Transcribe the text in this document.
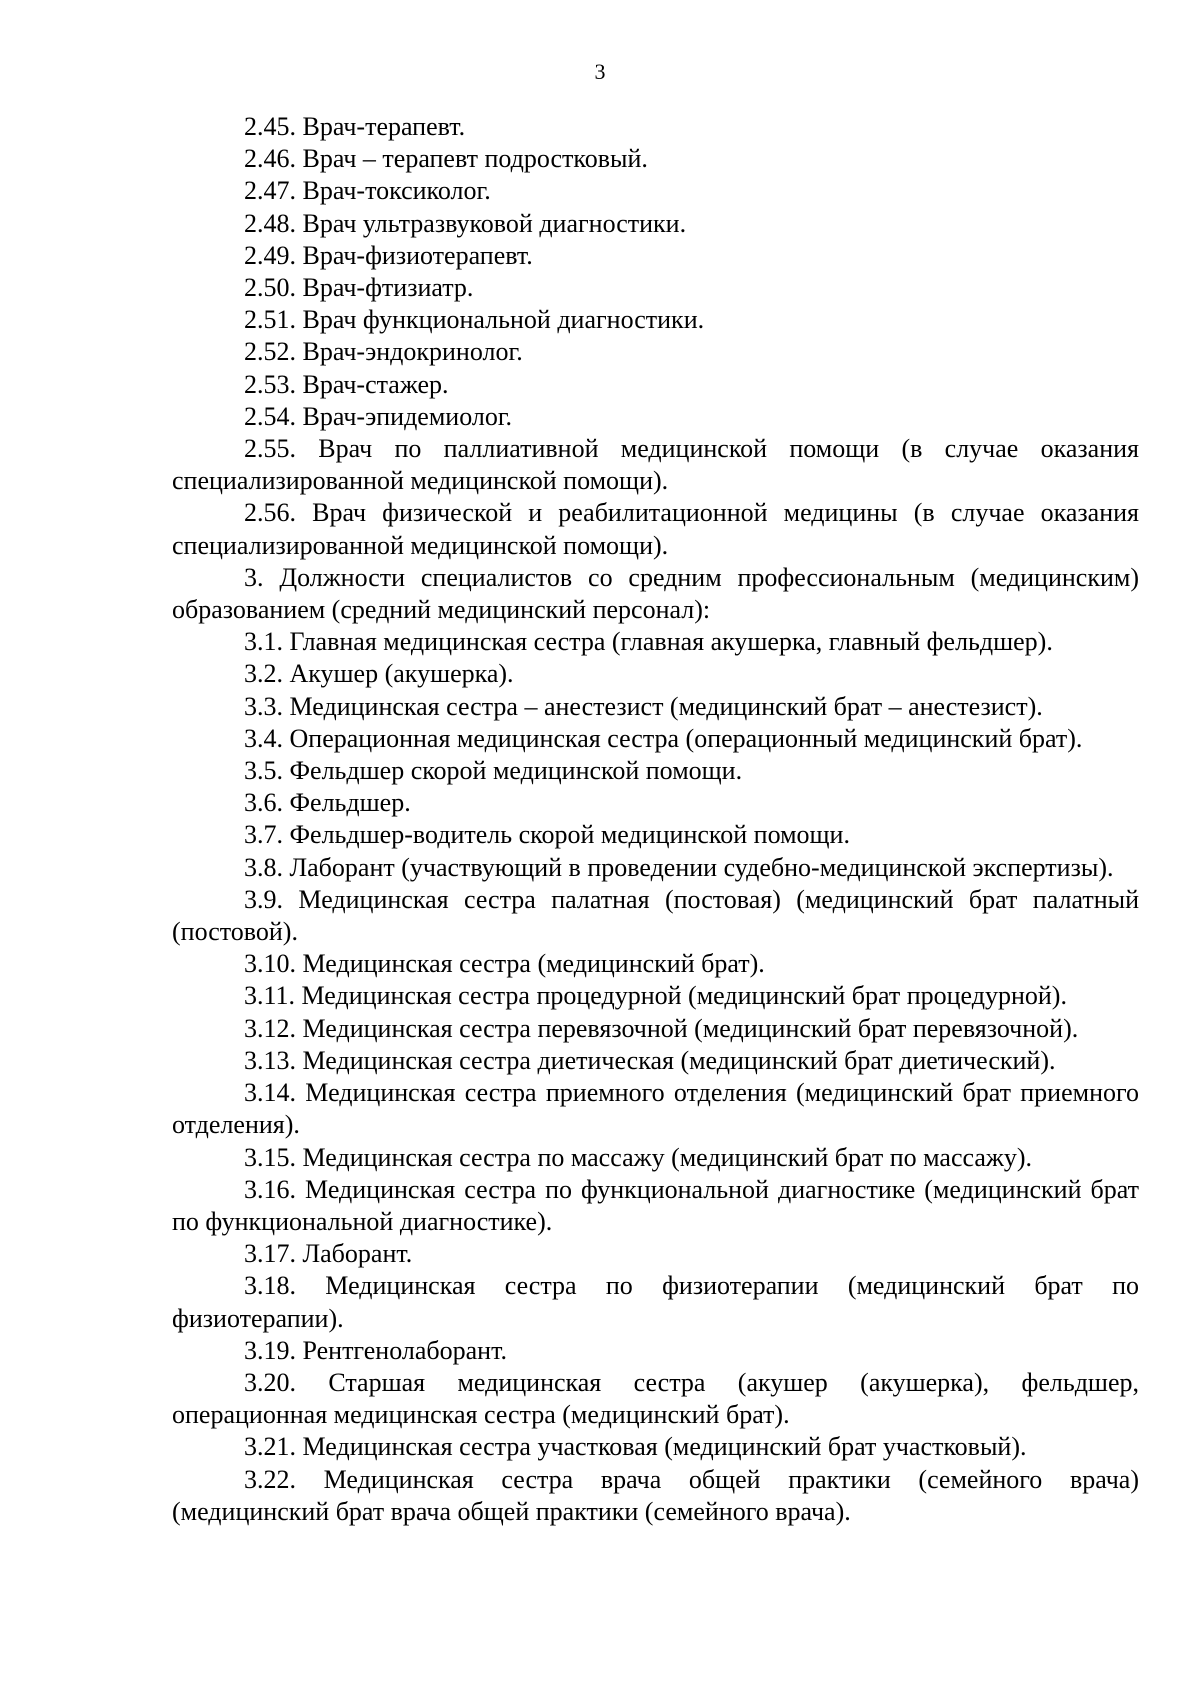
3

2.45. Врач-терапевт.

2.46. Врач – терапевт подростковый.

2.47. Врач-токсиколог.

2.48. Врач ультразвуковой диагностики.

2.49. Врач-физиотерапевт.

2.50. Врач-фтизиатр.

2.51. Врач функциональной диагностики.

2.52. Врач-эндокринолог.

2.53. Врач-стажер.

2.54. Врач-эпидемиолог.

2.55. Врач по паллиативной медицинской помощи (в случае оказания специализированной медицинской помощи).

2.56. Врач физической и реабилитационной медицины (в случае оказания специализированной медицинской помощи).

3. Должности специалистов со средним профессиональным (медицинским) образованием (средний медицинский персонал):

3.1. Главная медицинская сестра (главная акушерка, главный фельдшер).

3.2. Акушер (акушерка).

3.3. Медицинская сестра – анестезист (медицинский брат – анестезист).

3.4. Операционная медицинская сестра (операционный медицинский брат).

3.5. Фельдшер скорой медицинской помощи.

3.6. Фельдшер.

3.7. Фельдшер-водитель скорой медицинской помощи.

3.8. Лаборант (участвующий в проведении судебно-медицинской экспертизы).

3.9. Медицинская сестра палатная (постовая) (медицинский брат палатный (постовой).

3.10. Медицинская сестра (медицинский брат).

3.11. Медицинская сестра процедурной (медицинский брат процедурной).

3.12. Медицинская сестра перевязочной (медицинский брат перевязочной).

3.13. Медицинская сестра диетическая (медицинский брат диетический).

3.14. Медицинская сестра приемного отделения (медицинский брат приемного отделения).

3.15. Медицинская сестра по массажу (медицинский брат по массажу).

3.16. Медицинская сестра по функциональной диагностике (медицинский брат по функциональной диагностике).

3.17. Лаборант.

3.18. Медицинская сестра по физиотерапии (медицинский брат по физиотерапии).

3.19. Рентгенолаборант.

3.20. Старшая медицинская сестра (акушер (акушерка), фельдшер, операционная медицинская сестра (медицинский брат).

3.21. Медицинская сестра участковая (медицинский брат участковый).

3.22. Медицинская сестра врача общей практики (семейного врача) (медицинский брат врача общей практики (семейного врача).
